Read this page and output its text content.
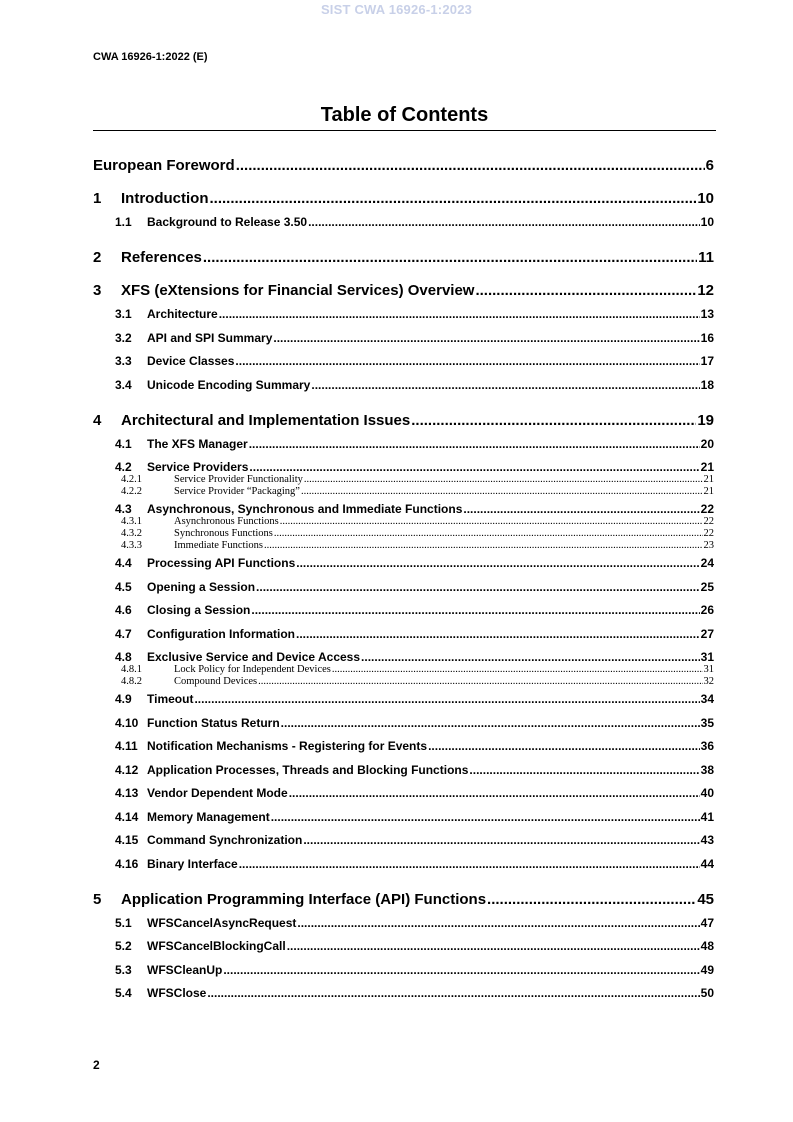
SIST CWA 16926-1:2023
CWA 16926-1:2022 (E)
Table of Contents
European Foreword .....	6
1 Introduction .....	10
1.1 Background to Release 3.50 .....	10
2 References .....	11
3 XFS (eXtensions for Financial Services) Overview .....	12
3.1 Architecture .....	13
3.2 API and SPI Summary .....	16
3.3 Device Classes .....	17
3.4 Unicode Encoding Summary .....	18
4 Architectural and Implementation Issues .....	19
4.1 The XFS Manager .....	20
4.2 Service Providers .....	21
4.2.1	Service Provider Functionality .....	21
4.2.2	Service Provider “Packaging” .....	21
4.3 Asynchronous, Synchronous and Immediate Functions .....	22
4.3.1	Asynchronous Functions .....	22
4.3.2	Synchronous Functions .....	22
4.3.3	Immediate Functions .....	23
4.4 Processing API Functions .....	24
4.5 Opening a Session .....	25
4.6 Closing a Session .....	26
4.7 Configuration Information .....	27
4.8 Exclusive Service and Device Access .....	31
4.8.1	Lock Policy for Independent Devices .....	31
4.8.2	Compound Devices .....	32
4.9 Timeout .....	34
4.10 Function Status Return .....	35
4.11 Notification Mechanisms - Registering for Events .....	36
4.12 Application Processes, Threads and Blocking Functions .....	38
4.13 Vendor Dependent Mode .....	40
4.14 Memory Management .....	41
4.15 Command Synchronization .....	43
4.16 Binary Interface .....	44
5 Application Programming Interface (API) Functions .....	45
5.1 WFSCancelAsyncRequest .....	47
5.2 WFSCancelBlockingCall .....	48
5.3 WFSCleanUp .....	49
5.4 WFSClose .....	50
2
